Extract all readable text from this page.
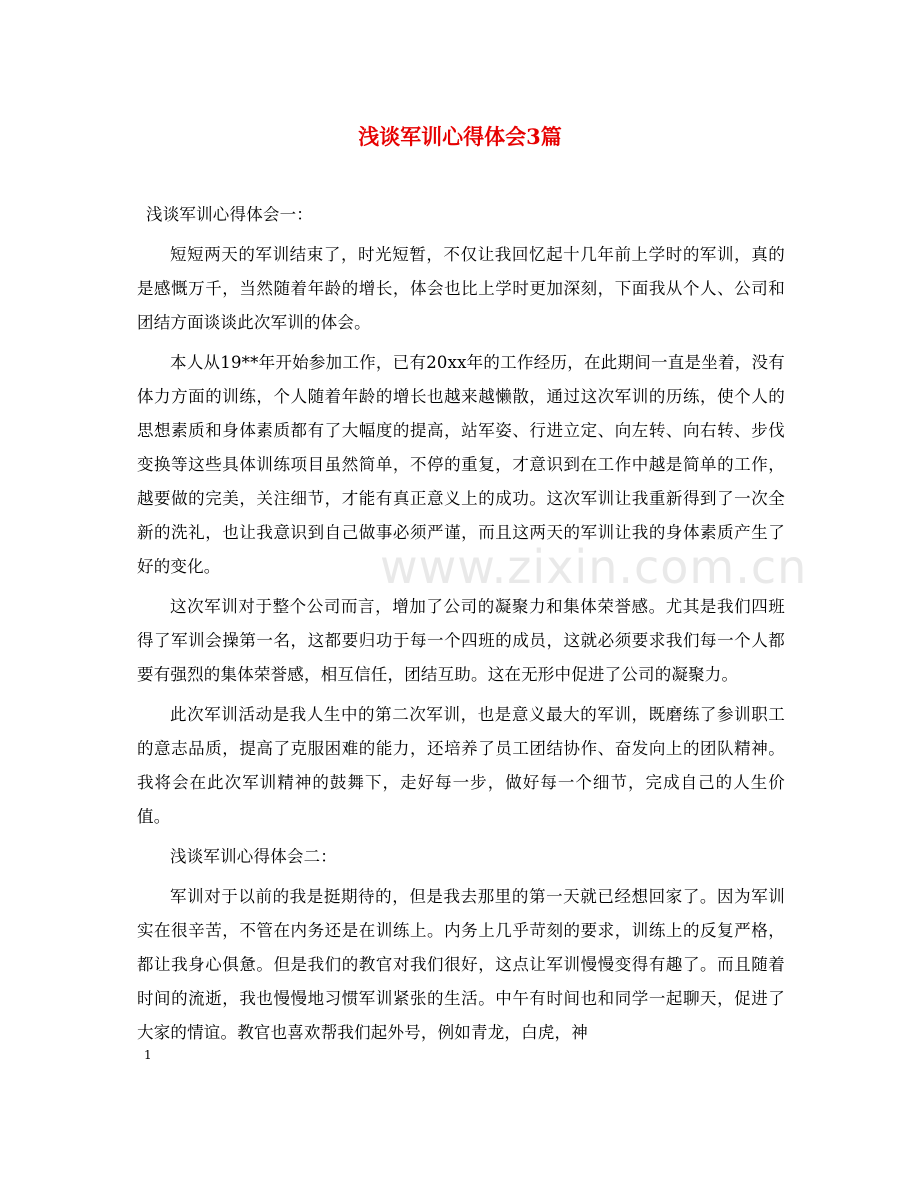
www.zixin.com.cn
浅谈军训心得体会3篇

浅谈军训心得体会一：

短短两天的军训结束了，时光短暂，不仅让我回忆起十几年前上学时的军训，真的是感慨万千，当然随着年龄的增长，体会也比上学时更加深刻，下面我从个人、公司和团结方面谈谈此次军训的体会。

本人从19**年开始参加工作，已有20xx年的工作经历，在此期间一直是坐着，没有体力方面的训练，个人随着年龄的增长也越来越懒散，通过这次军训的历练，使个人的思想素质和身体素质都有了大幅度的提高，站军姿、行进立定、向左转、向右转、步伐变换等这些具体训练项目虽然简单，不停的重复，才意识到在工作中越是简单的工作，越要做的完美，关注细节，才能有真正意义上的成功。这次军训让我重新得到了一次全新的洗礼，也让我意识到自己做事必须严谨，而且这两天的军训让我的身体素质产生了好的变化。

这次军训对于整个公司而言，增加了公司的凝聚力和集体荣誉感。尤其是我们四班得了军训会操第一名，这都要归功于每一个四班的成员，这就必须要求我们每一个人都要有强烈的集体荣誉感，相互信任，团结互助。这在无形中促进了公司的凝聚力。

此次军训活动是我人生中的第二次军训，也是意义最大的军训，既磨练了参训职工的意志品质，提高了克服困难的能力，还培养了员工团结协作、奋发向上的团队精神。我将会在此次军训精神的鼓舞下，走好每一步，做好每一个细节，完成自己的人生价值。

浅谈军训心得体会二：

军训对于以前的我是挺期待的，但是我去那里的第一天就已经想回家了。因为军训实在很辛苦，不管在内务还是在训练上。内务上几乎苛刻的要求，训练上的反复严格，都让我身心俱惫。但是我们的教官对我们很好，这点让军训慢慢变得有趣了。而且随着时间的流逝，我也慢慢地习惯军训紧张的生活。中午有时间也和同学一起聊天，促进了大家的情谊。教官也喜欢帮我们起外号，例如青龙，白虎，神

1
